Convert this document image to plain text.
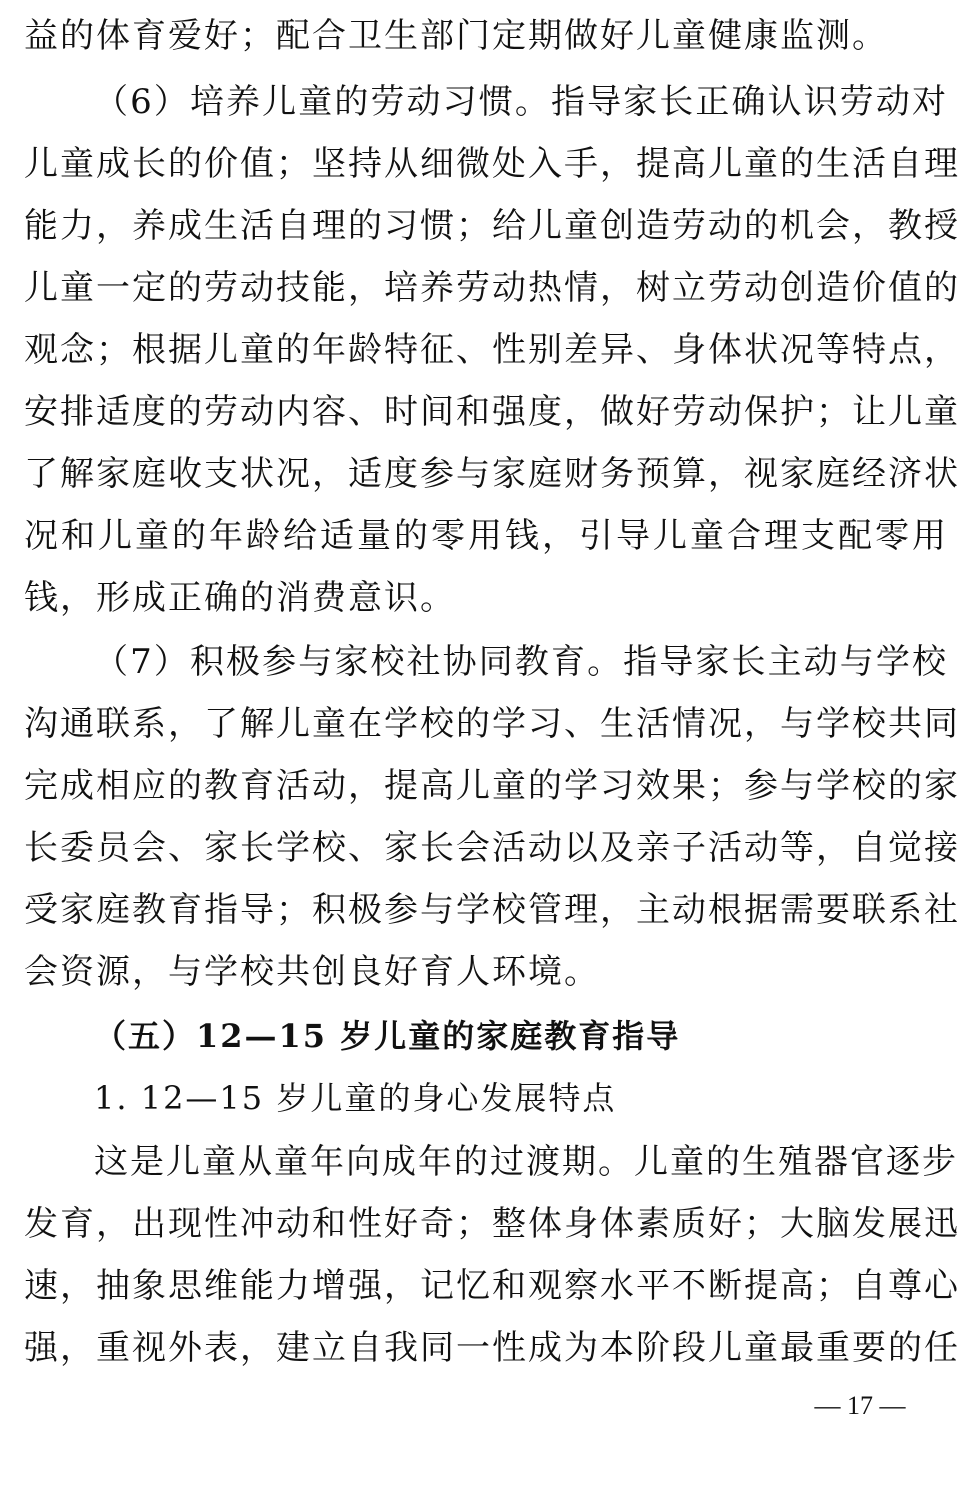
益的体育爱好；配合卫生部门定期做好儿童健康监测。
（6）培养儿童的劳动习惯。指导家长正确认识劳动对
儿童成长的价值；坚持从细微处入手，提高儿童的生活自理
能力，养成生活自理的习惯；给儿童创造劳动的机会，教授
儿童一定的劳动技能，培养劳动热情，树立劳动创造价值的
观念；根据儿童的年龄特征、性别差异、身体状况等特点，
安排适度的劳动内容、时间和强度，做好劳动保护；让儿童
了解家庭收支状况，适度参与家庭财务预算，视家庭经济状
况和儿童的年龄给适量的零用钱，引导儿童合理支配零用
钱，形成正确的消费意识。
（7）积极参与家校社协同教育。指导家长主动与学校
沟通联系，了解儿童在学校的学习、生活情况，与学校共同
完成相应的教育活动，提高儿童的学习效果；参与学校的家
长委员会、家长学校、家长会活动以及亲子活动等，自觉接
受家庭教育指导；积极参与学校管理，主动根据需要联系社
会资源，与学校共创良好育人环境。
（五）12—15 岁儿童的家庭教育指导
1. 12—15 岁儿童的身心发展特点
这是儿童从童年向成年的过渡期。儿童的生殖器官逐步
发育，出现性冲动和性好奇；整体身体素质好；大脑发展迅
速，抽象思维能力增强，记忆和观察水平不断提高；自尊心
强，重视外表，建立自我同一性成为本阶段儿童最重要的任
— 17 —
